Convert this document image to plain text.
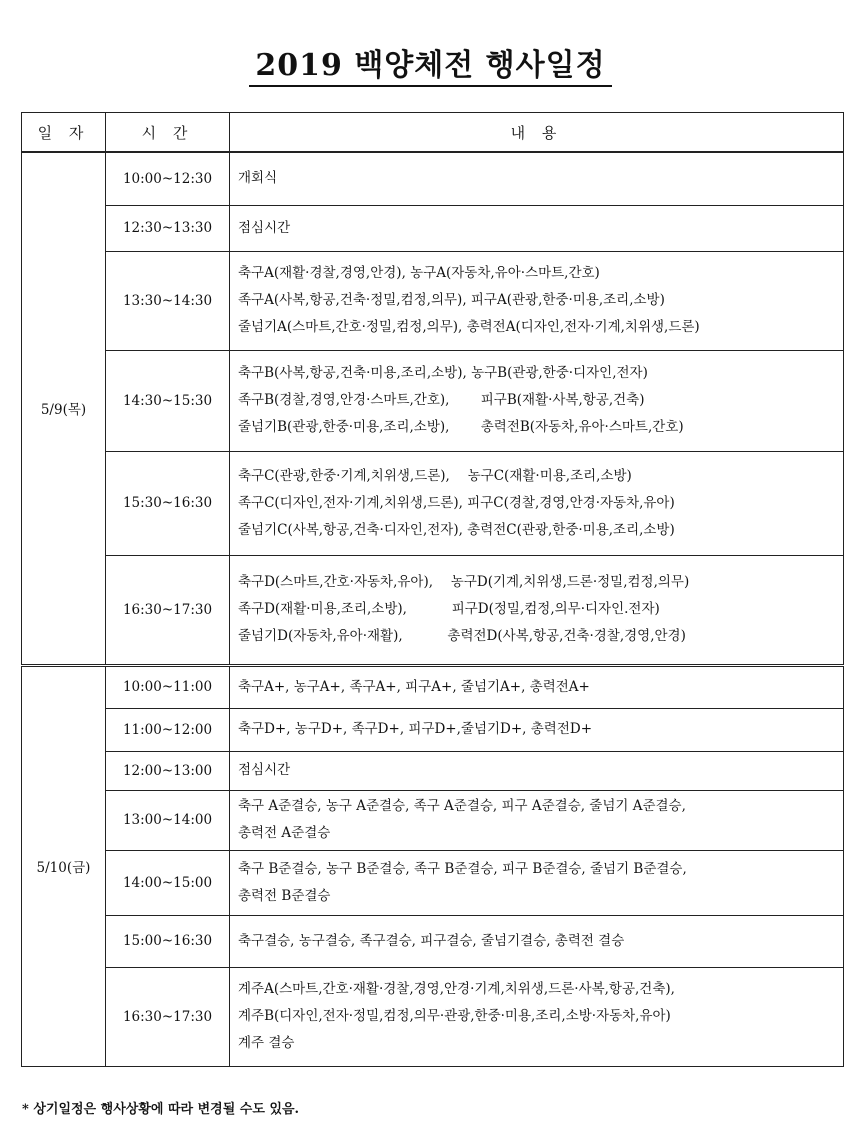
2019 백양체전 행사일정
일 자	시 간	내 용
5/9(목)	10:00~12:30	개회식

	12:30~13:30	점심시간

	13:30~14:30	축구A(재활·경찰,경영,안경), 농구A(자동차,유아·스마트,간호)
족구A(사복,항공,건축·정밀,컴정,의무), 피구A(관광,한중·미용,조리,소방)
줄넘기A(스마트,간호·정밀,컴정,의무), 총력전A(디자인,전자·기계,치위생,드론)

	14:30~15:30	축구B(사복,항공,건축·미용,조리,소방), 농구B(관광,한중·디자인,전자)
족구B(경찰,경영,안경·스마트,간호), 　　피구B(재활·사복,항공,건축)
줄넘기B(관광,한중·미용,조리,소방), 　　총력전B(자동차,유아·스마트,간호)

	15:30~16:30	축구C(관광,한중·기계,치위생,드론), 　농구C(재활·미용,조리,소방)
족구C(디자인,전자·기계,치위생,드론), 피구C(경찰,경영,안경·자동차,유아)
줄넘기C(사복,항공,건축·디자인,전자), 총력전C(관광,한중·미용,조리,소방)

	16:30~17:30	축구D(스마트,간호·자동차,유아), 　농구D(기계,치위생,드론·정밀,컴정,의무)
족구D(재활·미용,조리,소방), 　　　피구D(정밀,컴정,의무·디자인.전자)
줄넘기D(자동차,유아·재활), 　　　총력전D(사복,항공,건축·경찰,경영,안경)

5/10(금)	10:00~11:00	축구A+, 농구A+, 족구A+, 피구A+, 줄넘기A+, 총력전A+

	11:00~12:00	축구D+, 농구D+, 족구D+, 피구D+,줄넘기D+, 총력전D+

	12:00~13:00	점심시간

	13:00~14:00	축구 A준결승, 농구 A준결승, 족구 A준결승, 피구 A준결승, 줄넘기 A준결승,
총력전 A준결승

	14:00~15:00	축구 B준결승, 농구 B준결승, 족구 B준결승, 피구 B준결승, 줄넘기 B준결승,
총력전 B준결승

	15:00~16:30	축구결승, 농구결승, 족구결승, 피구결승, 줄넘기결승, 총력전 결승

	16:30~17:30	계주A(스마트,간호·재활·경찰,경영,안경·기계,치위생,드론·사복,항공,건축),
계주B(디자인,전자·정밀,컴정,의무·관광,한중·미용,조리,소방·자동차,유아)
계주 결승
* 상기일정은 행사상황에 따라 변경될 수도 있음.
